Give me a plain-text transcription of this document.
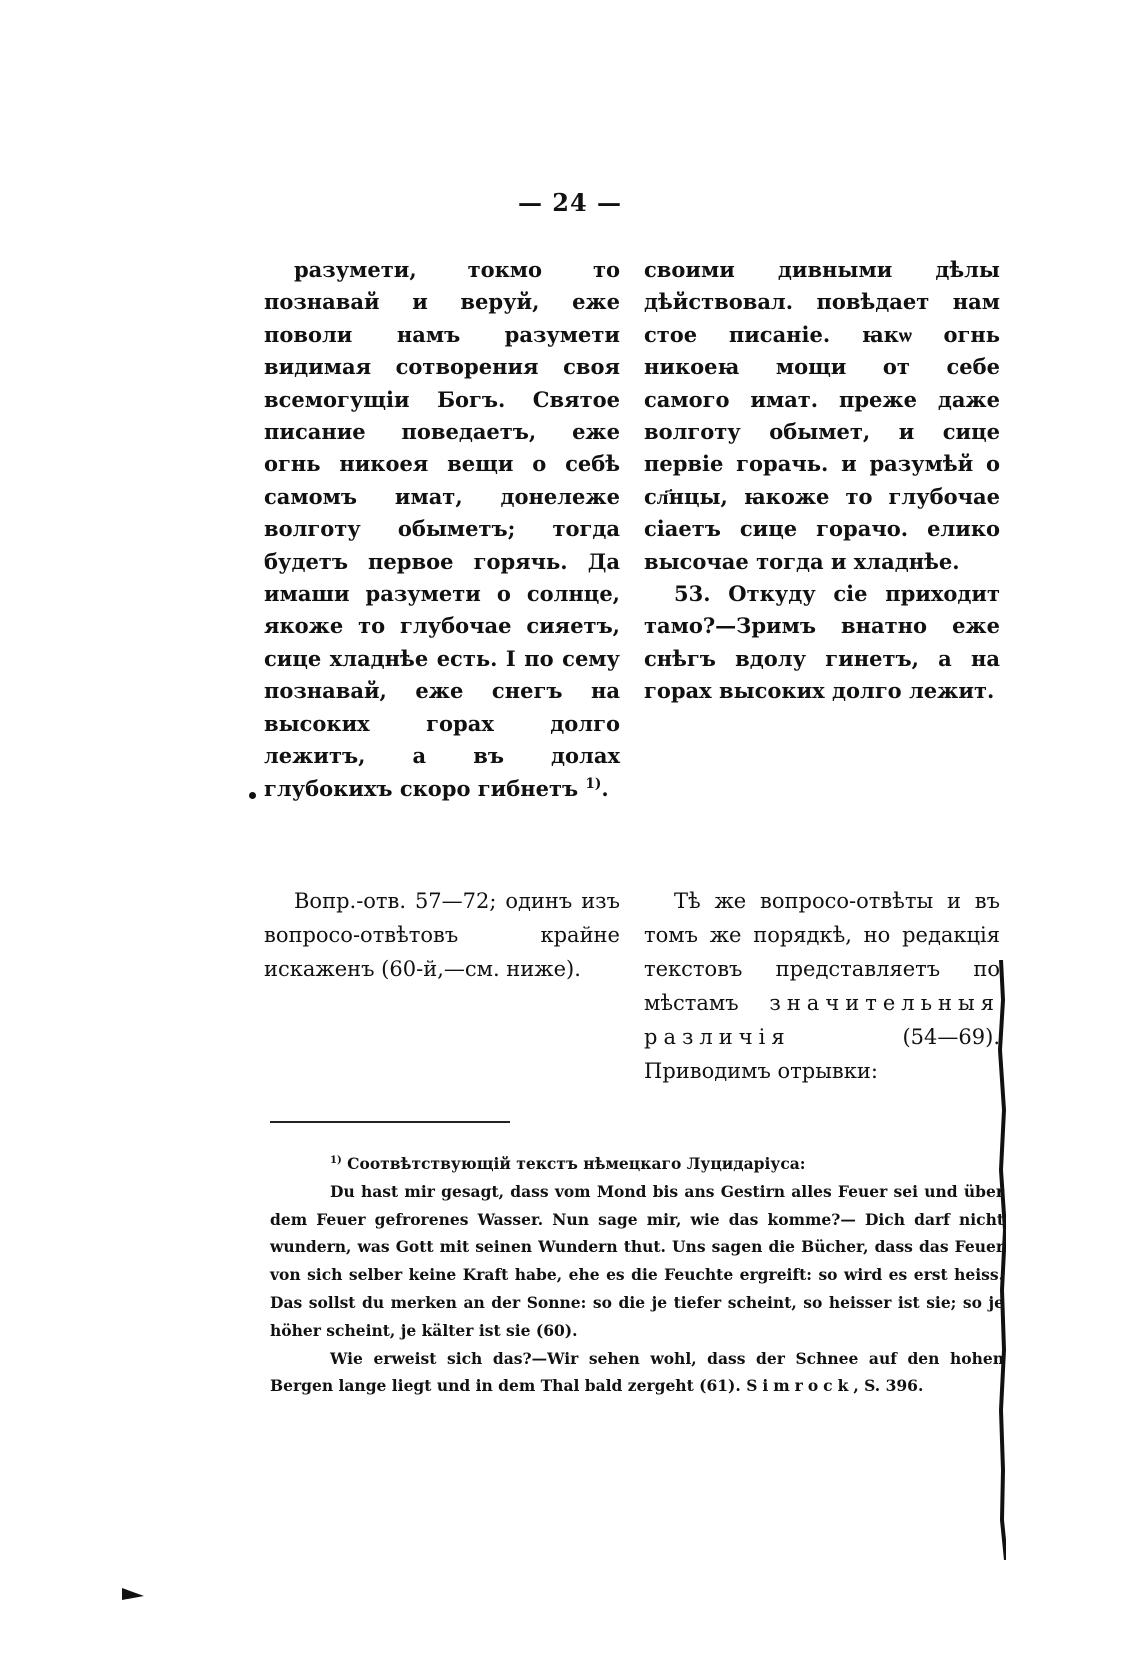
— 24 —

разумети, токмо то познавай и веруй, еже поволи намъ разумети видимая сотворения своя всемогущіи Богъ. Святое писание поведаетъ, еже огнь никоея вещи о себѣ самомъ имат, донележе волготу обыметъ; тогда будетъ первое горячь. Да имаши разумети о солнце, якоже то глубочае сияетъ, сице хладнѣе есть. I по сему познавай, еже снегъ на высоких горах долго лежитъ, а въ долах глубокихъ скоро гибнетъ $^{1)}$.

своими дивными дѣлы дѣйствовал. повѣдает нам стое писаніе. ꙗкѡ огнь никоеꙗ мощи от себе самого имат. преже даже волготу обымет, и сице первіе горачь. и разумѣй о сл҃нцы, ꙗкоже то глубочае сіаетъ сице горачо. елико высочае тогда и хладнѣе.

53. Откуду сіе приходит тамо?—Зримъ внатно еже снѣгъ вдолу гинетъ, а на горах высоких долго лежит.

Вопр.-отв. 57—72; одинъ изъ вопросо-отвѣтовъ крайне искаженъ (60-й,—см. ниже).

Тѣ же вопросо-отвѣты и въ томъ же порядкѣ, но редакція текстовъ представляетъ по мѣстамъ значительныя различія	(54—69). Приводимъ отрывки:

$^{1)}$ Соотвѣтствующій текстъ нѣмецкаго Луцидаріуса:

Du hast mir gesagt, dass vom Mond bis ans Gestirn alles Feuer sei und über dem Feuer gefrorenes Wasser. Nun sage mir, wie das kommе?— Dich darf nicht wundern, was Gott mit seinen Wundern thut. Uns sagen die Bücher, dass das Feuer von sich selber keine Kraft habe, ehe es die Feuchte ergreift: so wird es erst heiss. Das sollst du merken an der Sonne: so die je tiefer scheint, so heisser ist sie; so je höher scheint, je kälter ist sie (60).

Wie erweist sich das?—Wir sehen wohl, dass der Schnee auf den hohen Bergen lange liegt und in dem Thal bald zergeht (61). Simrock, S. 396.
